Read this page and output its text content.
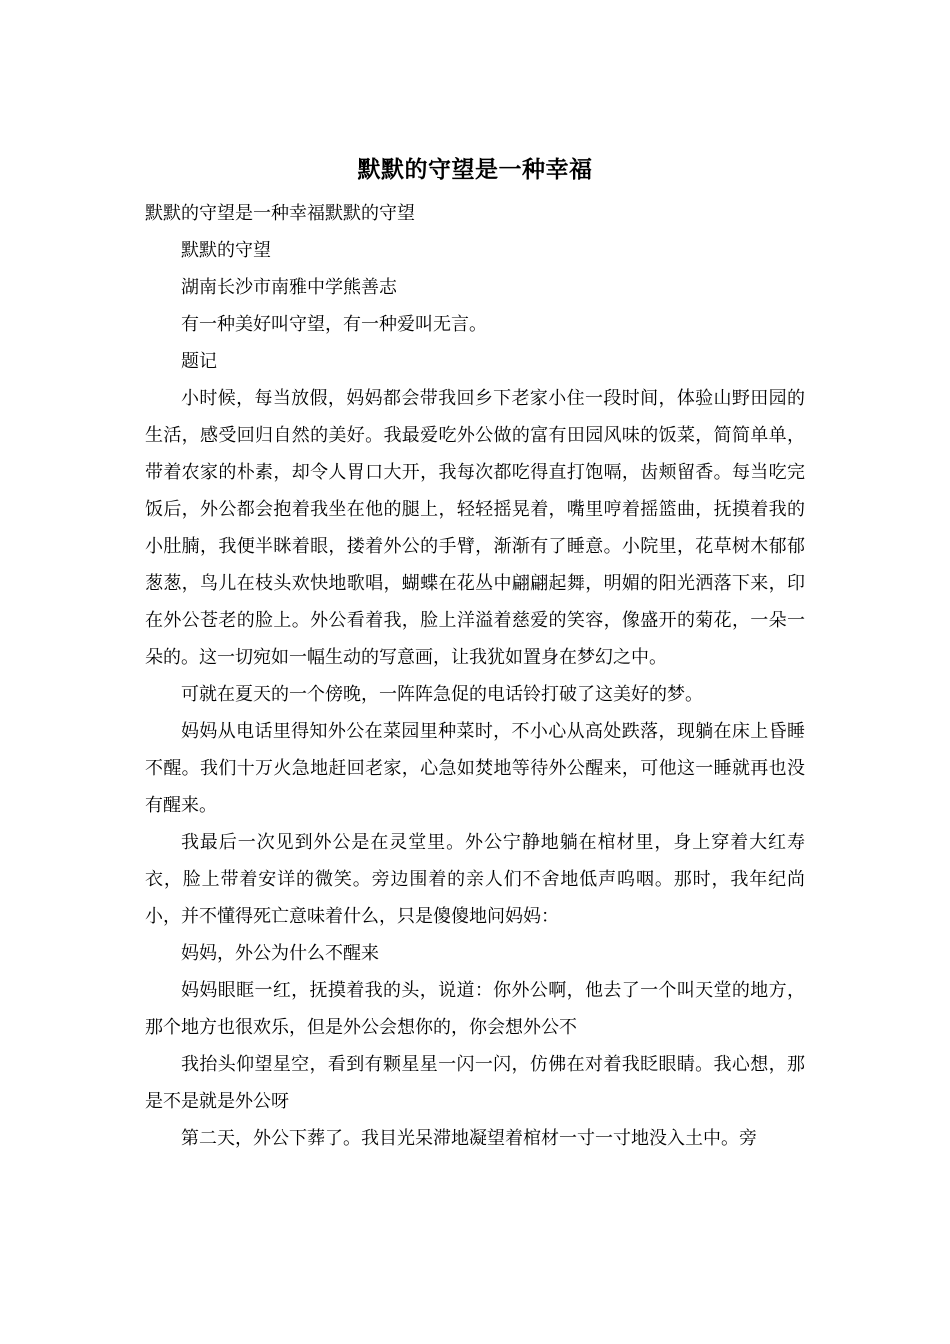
默默的守望是一种幸福

默默的守望是一种幸福默默的守望

默默的守望

湖南长沙市南雅中学熊善志

有一种美好叫守望，有一种爱叫无言。

题记

小时候，每当放假，妈妈都会带我回乡下老家小住一段时间，体验山野田园的生活，感受回归自然的美好。我最爱吃外公做的富有田园风味的饭菜，简简单单，带着农家的朴素，却令人胃口大开，我每次都吃得直打饱嗝，齿颊留香。每当吃完饭后，外公都会抱着我坐在他的腿上，轻轻摇晃着，嘴里哼着摇篮曲，抚摸着我的小肚腩，我便半眯着眼，搂着外公的手臂，渐渐有了睡意。小院里，花草树木郁郁葱葱，鸟儿在枝头欢快地歌唱，蝴蝶在花丛中翩翩起舞，明媚的阳光洒落下来，印在外公苍老的脸上。外公看着我，脸上洋溢着慈爱的笑容，像盛开的菊花，一朵一朵的。这一切宛如一幅生动的写意画，让我犹如置身在梦幻之中。

可就在夏天的一个傍晚，一阵阵急促的电话铃打破了这美好的梦。

妈妈从电话里得知外公在菜园里种菜时，不小心从高处跌落，现躺在床上昏睡不醒。我们十万火急地赶回老家，心急如焚地等待外公醒来，可他这一睡就再也没有醒来。

我最后一次见到外公是在灵堂里。外公宁静地躺在棺材里，身上穿着大红寿衣，脸上带着安详的微笑。旁边围着的亲人们不舍地低声呜咽。那时，我年纪尚小，并不懂得死亡意味着什么，只是傻傻地问妈妈：

妈妈，外公为什么不醒来

妈妈眼眶一红，抚摸着我的头，说道：你外公啊，他去了一个叫天堂的地方，那个地方也很欢乐，但是外公会想你的，你会想外公不

我抬头仰望星空，看到有颗星星一闪一闪，仿佛在对着我眨眼睛。我心想，那是不是就是外公呀

第二天，外公下葬了。我目光呆滞地凝望着棺材一寸一寸地没入土中。旁
